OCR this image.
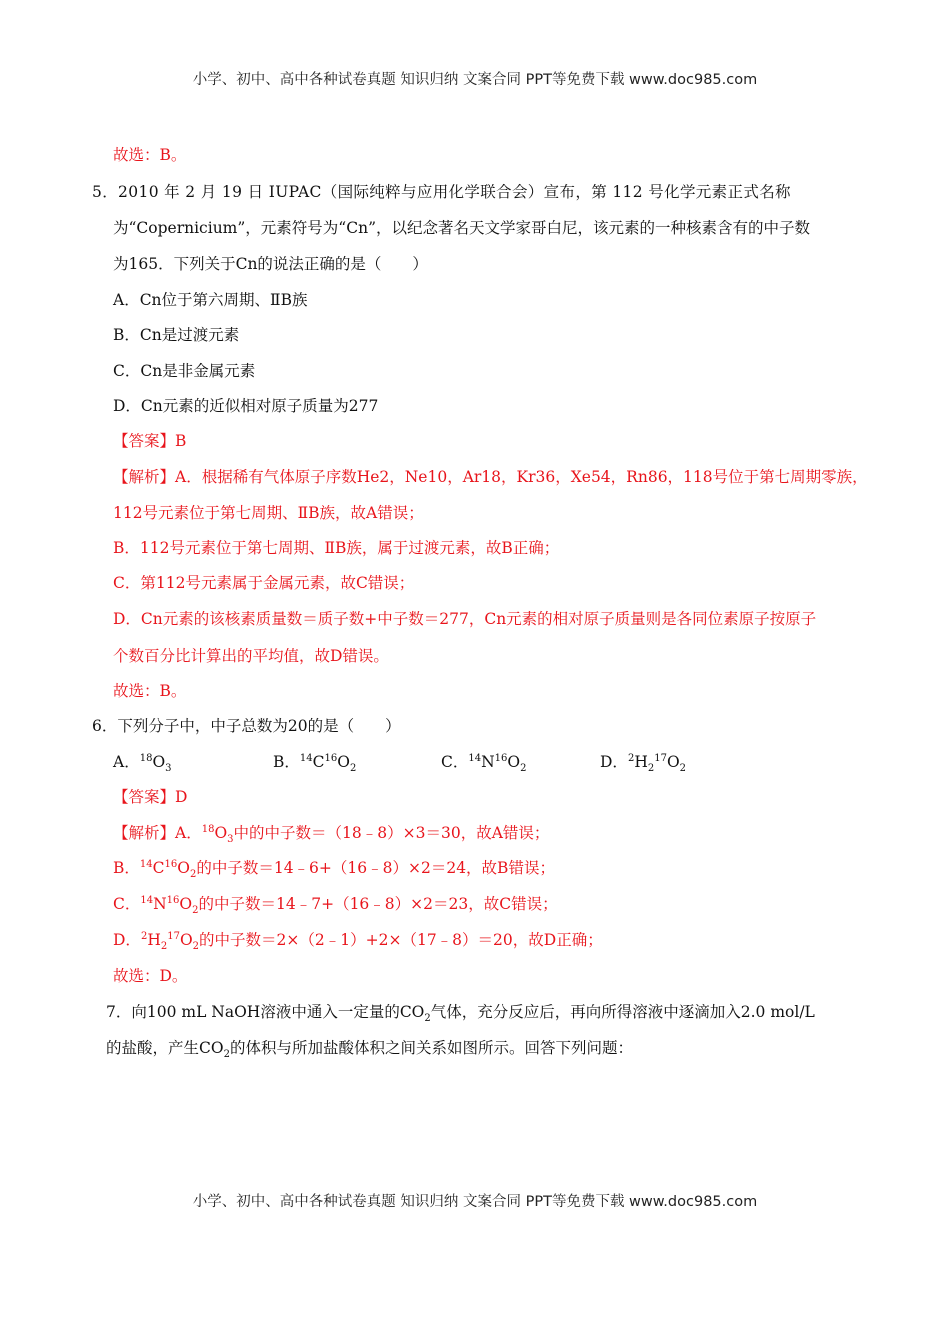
小学、初中、高中各种试卷真题 知识归纳 文案合同 PPT等免费下载 www.doc985.com
故选：B。
5．2010 年 2 月 19 日 IUPAC（国际纯粹与应用化学联合会）宣布，第 112 号化学元素正式名称
为“Copernicium”，元素符号为“Cn”，以纪念著名天文学家哥白尼，该元素的一种核素含有的中子数
为165．下列关于Cn的说法正确的是（　　）
A．Cn位于第六周期、ⅡB族
B．Cn是过渡元素
C．Cn是非金属元素
D．Cn元素的近似相对原子质量为277
【答案】B
【解析】A．根据稀有气体原子序数He2，Ne10，Ar18，Kr36，Xe54，Rn86，118号位于第七周期零族，
112号元素位于第七周期、ⅡB族，故A错误；
B．112号元素位于第七周期、ⅡB族，属于过渡元素，故B正确；
C．第112号元素属于金属元素，故C错误；
D．Cn元素的该核素质量数＝质子数+中子数＝277，Cn元素的相对原子质量则是各同位素原子按原子
个数百分比计算出的平均值，故D错误。
故选：B。
6．下列分子中，中子总数为20的是（　　）
A．$^{18}O_3$	B．$^{14}C^{16}O_2$	C．$^{14}N^{16}O_2$	D．$^2H_2^{17}O_2$
【答案】D
【解析】A．$^{18}O_3$中的中子数＝（18﹣8）×3＝30，故A错误；
B．$^{14}C^{16}O_2$的中子数＝14﹣6+（16﹣8）×2＝24，故B错误；
C．$^{14}N^{16}O_2$的中子数＝14﹣7+（16﹣8）×2＝23，故C错误；
D．$^2H_2^{17}O_2$的中子数＝2×（2﹣1）+2×（17﹣8）＝20，故D正确；
故选：D。
7．向100 mL NaOH溶液中通入一定量的$CO_2$气体，充分反应后，再向所得溶液中逐滴加入2.0 mol/L
的盐酸，产生$CO_2$的体积与所加盐酸体积之间关系如图所示。回答下列问题：
小学、初中、高中各种试卷真题 知识归纳 文案合同 PPT等免费下载 www.doc985.com
